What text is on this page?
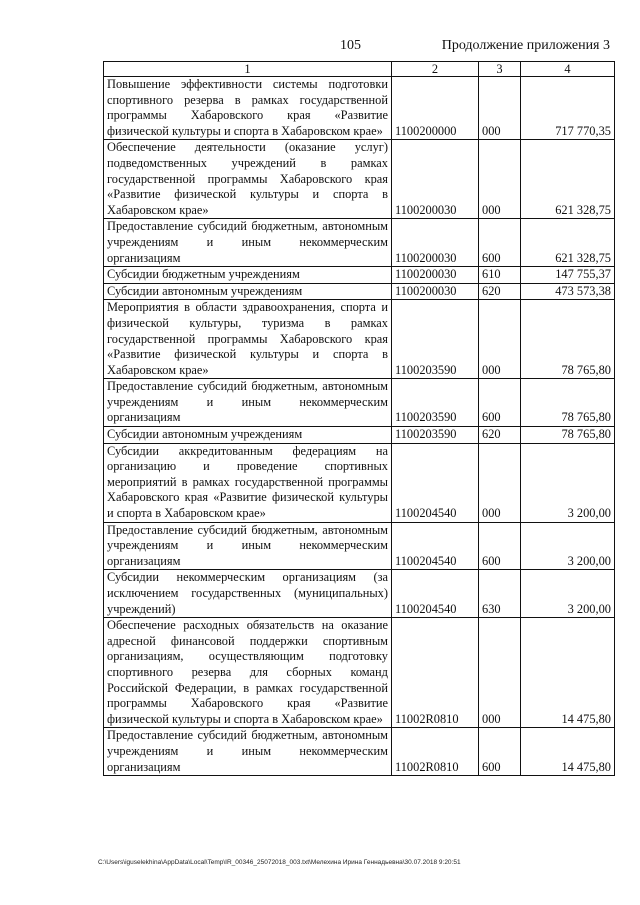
105	Продолжение приложения 3
1	2	3	4
Повышение эффективности системы подготовки спортивного резерва в рамках государственной программы Хабаровского края «Развитие физической культуры и спорта в Хабаровском крае»	1100200000	000	717 770,35
Обеспечение деятельности (оказание услуг) подведомственных учреждений в рамках государственной программы Хабаровского края «Развитие физической культуры и спорта в Хабаровском крае»	1100200030	000	621 328,75
Предоставление субсидий бюджетным, автономным учреждениям и иным некоммерческим организациям	1100200030	600	621 328,75
Субсидии бюджетным учреждениям	1100200030	610	147 755,37
Субсидии автономным учреждениям	1100200030	620	473 573,38
Мероприятия в области здравоохранения, спорта и физической культуры, туризма в рамках государственной программы Хабаровского края «Развитие физической культуры и спорта в Хабаровском крае»	1100203590	000	78 765,80
Предоставление субсидий бюджетным, автономным учреждениям и иным некоммерческим организациям	1100203590	600	78 765,80
Субсидии автономным учреждениям	1100203590	620	78 765,80
Субсидии аккредитованным федерациям на организацию и проведение спортивных мероприятий в рамках государственной программы Хабаровского края «Развитие физической культуры и спорта в Хабаровском крае»	1100204540	000	3 200,00
Предоставление субсидий бюджетным, автономным учреждениям и иным некоммерческим организациям	1100204540	600	3 200,00
Субсидии некоммерческим организациям (за исключением государственных (муниципальных) учреждений)	1100204540	630	3 200,00
Обеспечение расходных обязательств на оказание адресной финансовой поддержки спортивным организациям, осуществляющим подготовку спортивного резерва для сборных команд Российской Федерации, в рамках государственной программы Хабаровского края «Развитие физической культуры и спорта в Хабаровском крае»	11002R0810	000	14 475,80
Предоставление субсидий бюджетным, автономным учреждениям и иным некоммерческим организациям	11002R0810	600	14 475,80
C:\Users\iguselekhina\AppData\Local\Temp\IR_00346_25072018_003.txt\Мелехина Ирина Геннадьевна\30.07.2018 9:20:51
